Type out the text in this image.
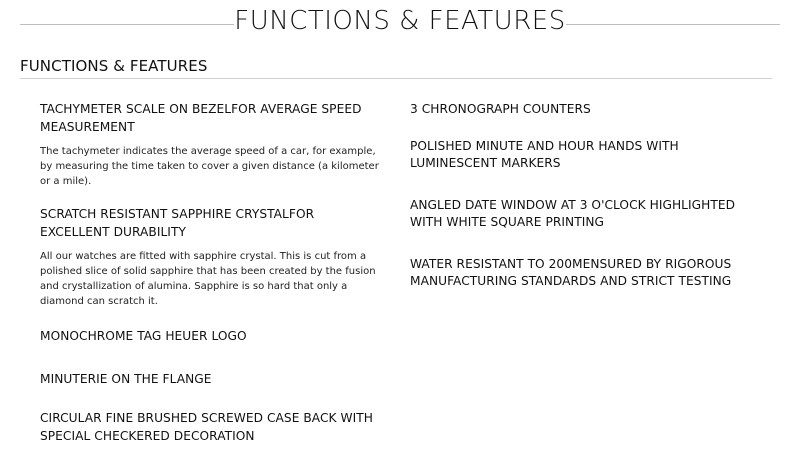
FUNCTIONS & FEATURES
FUNCTIONS & FEATURES
TACHYMETER SCALE ON BEZELFOR AVERAGE SPEED MEASUREMENT
The tachymeter indicates the average speed of a car, for example, by measuring the time taken to cover a given distance (a kilometer or a mile).
SCRATCH RESISTANT SAPPHIRE CRYSTALFOR EXCELLENT DURABILITY
All our watches are fitted with sapphire crystal. This is cut from a polished slice of solid sapphire that has been created by the fusion and crystallization of alumina. Sapphire is so hard that only a diamond can scratch it.
MONOCHROME TAG HEUER LOGO
MINUTERIE ON THE FLANGE
CIRCULAR FINE BRUSHED SCREWED CASE BACK WITH SPECIAL CHECKERED DECORATION
3 CHRONOGRAPH COUNTERS
POLISHED MINUTE AND HOUR HANDS WITH LUMINESCENT MARKERS
ANGLED DATE WINDOW AT 3 O'CLOCK HIGHLIGHTED WITH WHITE SQUARE PRINTING
WATER RESISTANT TO 200MENSURED BY RIGOROUS MANUFACTURING STANDARDS AND STRICT TESTING
